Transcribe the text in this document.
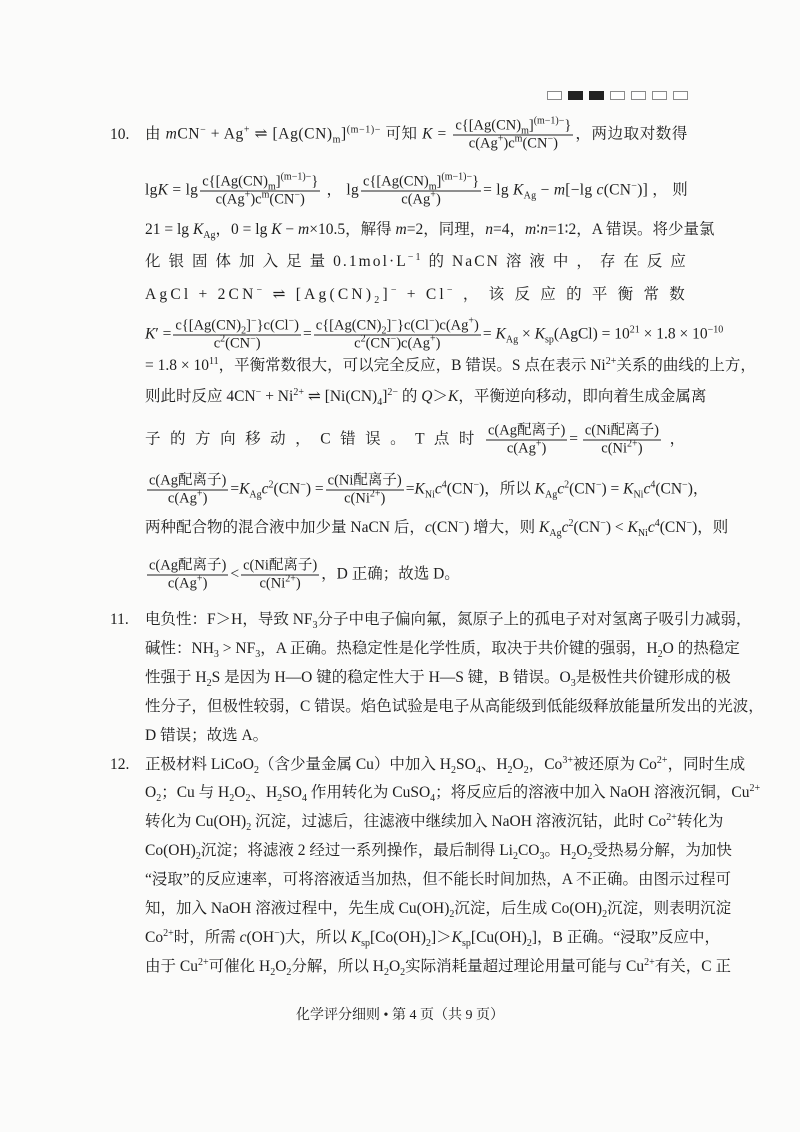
10. 由 mCN− + Ag+ ⇌ $[Ag(CN)_m]^{(m-1)-}$ 可知 $K = \frac{c\{[Ag(CN)_m]^{(m-1)-}\}}{c(Ag^+)c^m(CN^-)}$ ，两边取对数得
$\lg K = \lg \frac{c\{[Ag(CN)_m]^{(m-1)-}\}}{c(Ag^+)c^m(CN^-)}$ ， $\lg \frac{c\{[Ag(CN)_m]^{(m-1)-}\}}{c(Ag^+)} = \lg K_{Ag} - m[-\lg$ c(CN−)] ， 则
$21 = \lg K_{Ag}$，0 = lg K − m×10.5，解得 m=2，同理，n=4，m∶n=1∶2，A 错误。将少量氯
化 银 固 体 加 入 足 量 $0.1mol\cdot L^{-1}$ 的 NaCN 溶 液 中 ， 存 在 反 应
AgCl + 2CN− ⇌ $[Ag(CN)_2]^- + Cl^-$ ， 该 反 应 的 平 衡 常 数
$K' = \frac{c\{[Ag(CN)_2]^-\}c(Cl^-)}{c^2(CN^-)} = \frac{c\{[Ag(CN)_2]^-\}c(Cl^-)c(Ag^+)}{c^2(CN^-)c(Ag^+)} = K_{Ag}$ × $K_{sp}(AgCl) = 10^{21} \times 1.8 \times 10^{-10}$
= $1.8 \times 10^{11}$，平衡常数很大，可以完全反应，B 错误。S 点在表示 $Ni^{2+}$关系的曲线的上方，
则此时反应 $4CN^- + Ni^{2+}$ ⇌ $[Ni(CN)_4]^{2-}$ 的 Q＞K，平衡逆向移动，即向着生成金属离
子 的 方 向 移 动 ， C 错 误 。 T 点 时 $\frac{\text{c(Ag配离子)}}{c(Ag^+)} = \frac{\text{c(Ni配离子)}}{c(Ni^{2+})}$ ，
$\frac{\text{c(Ag配离子)}}{c(Ag^+)} =K_{Ag}c^2(CN^-) = \frac{\text{c(Ni配离子)}}{c(Ni^{2+})} =K_{Ni}c^4(CN^-)$，所以 $K_{Ag}c^2(CN^-) = K_{Ni}c^4(CN^-)$，
两种配合物的混合液中加少量 NaCN 后，c(CN−) 增大，则 $K_{Ag}c^2(CN^-) < K_{Ni}c^4(CN^-)$，则
$\frac{\text{c(Ag配离子)}}{c(Ag^+)} < \frac{\text{c(Ni配离子)}}{c(Ni^{2+})}$ ，D 正确；故选 D。
11. 电负性：F＞H，导致 $NF_3$分子中电子偏向氟，氮原子上的孤电子对对氢离子吸引力减弱，
碱性：$NH_3 > NF_3$，A 正确。热稳定性是化学性质，取决于共价键的强弱，$H_2O$ 的热稳定
性强于 $H_2S$ 是因为 H—O 键的稳定性大于 H—S 键，B 错误。$O_3$是极性共价键形成的极
性分子，但极性较弱，C 错误。焰色试验是电子从高能级到低能级释放能量所发出的光波，
D 错误；故选 A。
12. 正极材料 LiCoO$_2$（含少量金属 Cu）中加入 $H_2SO_4$、$H_2O_2$，$Co^{3+}$被还原为 $Co^{2+}$，同时生成
$O_2$；Cu 与 $H_2O_2$、$H_2SO_4$ 作用转化为 CuSO$_4$；将反应后的溶液中加入 NaOH 溶液沉铜，$Cu^{2+}$
转化为 $Cu(OH)_2$ 沉淀，过滤后，往滤液中继续加入 NaOH 溶液沉钴，此时 $Co^{2+}$转化为
$Co(OH)_2$沉淀；将滤液 2 经过一系列操作，最后制得 $Li_2CO_3$。$H_2O_2$受热易分解，为加快
“浸取”的反应速率，可将溶液适当加热，但不能长时间加热，A 不正确。由图示过程可
知，加入 NaOH 溶液过程中，先生成 $Cu(OH)_2$沉淀，后生成 $Co(OH)_2$沉淀，则表明沉淀
$Co^{2+}$时，所需 c(OH−)大，所以 $K_{sp}[Co(OH)_2]>K_{sp}[Cu(OH)_2]$，B 正确。“浸取”反应中，
由于 $Cu^{2+}$可催化 $H_2O_2$分解，所以 $H_2O_2$实际消耗量超过理论用量可能与 $Cu^{2+}$有关，C 正
化学评分细则 • 第 4 页（共 9 页）
